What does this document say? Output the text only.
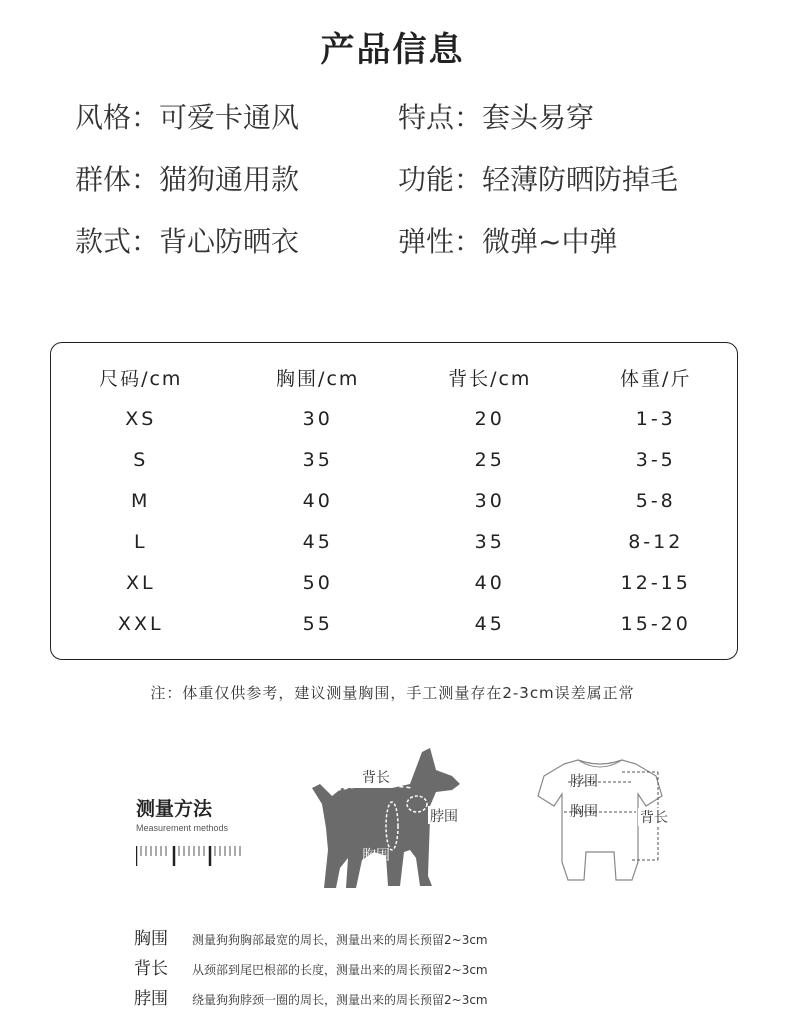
产品信息
风格：可爱卡通风	特点：套头易穿
群体：猫狗通用款	功能：轻薄防晒防掉毛
款式：背心防晒衣	弹性：微弹~中弹
尺码/cm	胸围/cm	背长/cm	体重/斤
XS	30	20	1-3
S	35	25	3-5
M	40	30	5-8
L	45	35	8-12
XL	50	40	12-15
XXL	55	45	15-20
注：体重仅供参考，建议测量胸围，手工测量存在2-3cm误差属正常
测量方法
Measurement methods
背长
脖围
胸围
脖围
胸围	背长
胸围 测量狗狗胸部最宽的周长，测量出来的周长预留2~3cm
背长 从颈部到尾巴根部的长度，测量出来的周长预留2~3cm
脖围 绕量狗狗脖颈一圈的周长，测量出来的周长预留2~3cm
